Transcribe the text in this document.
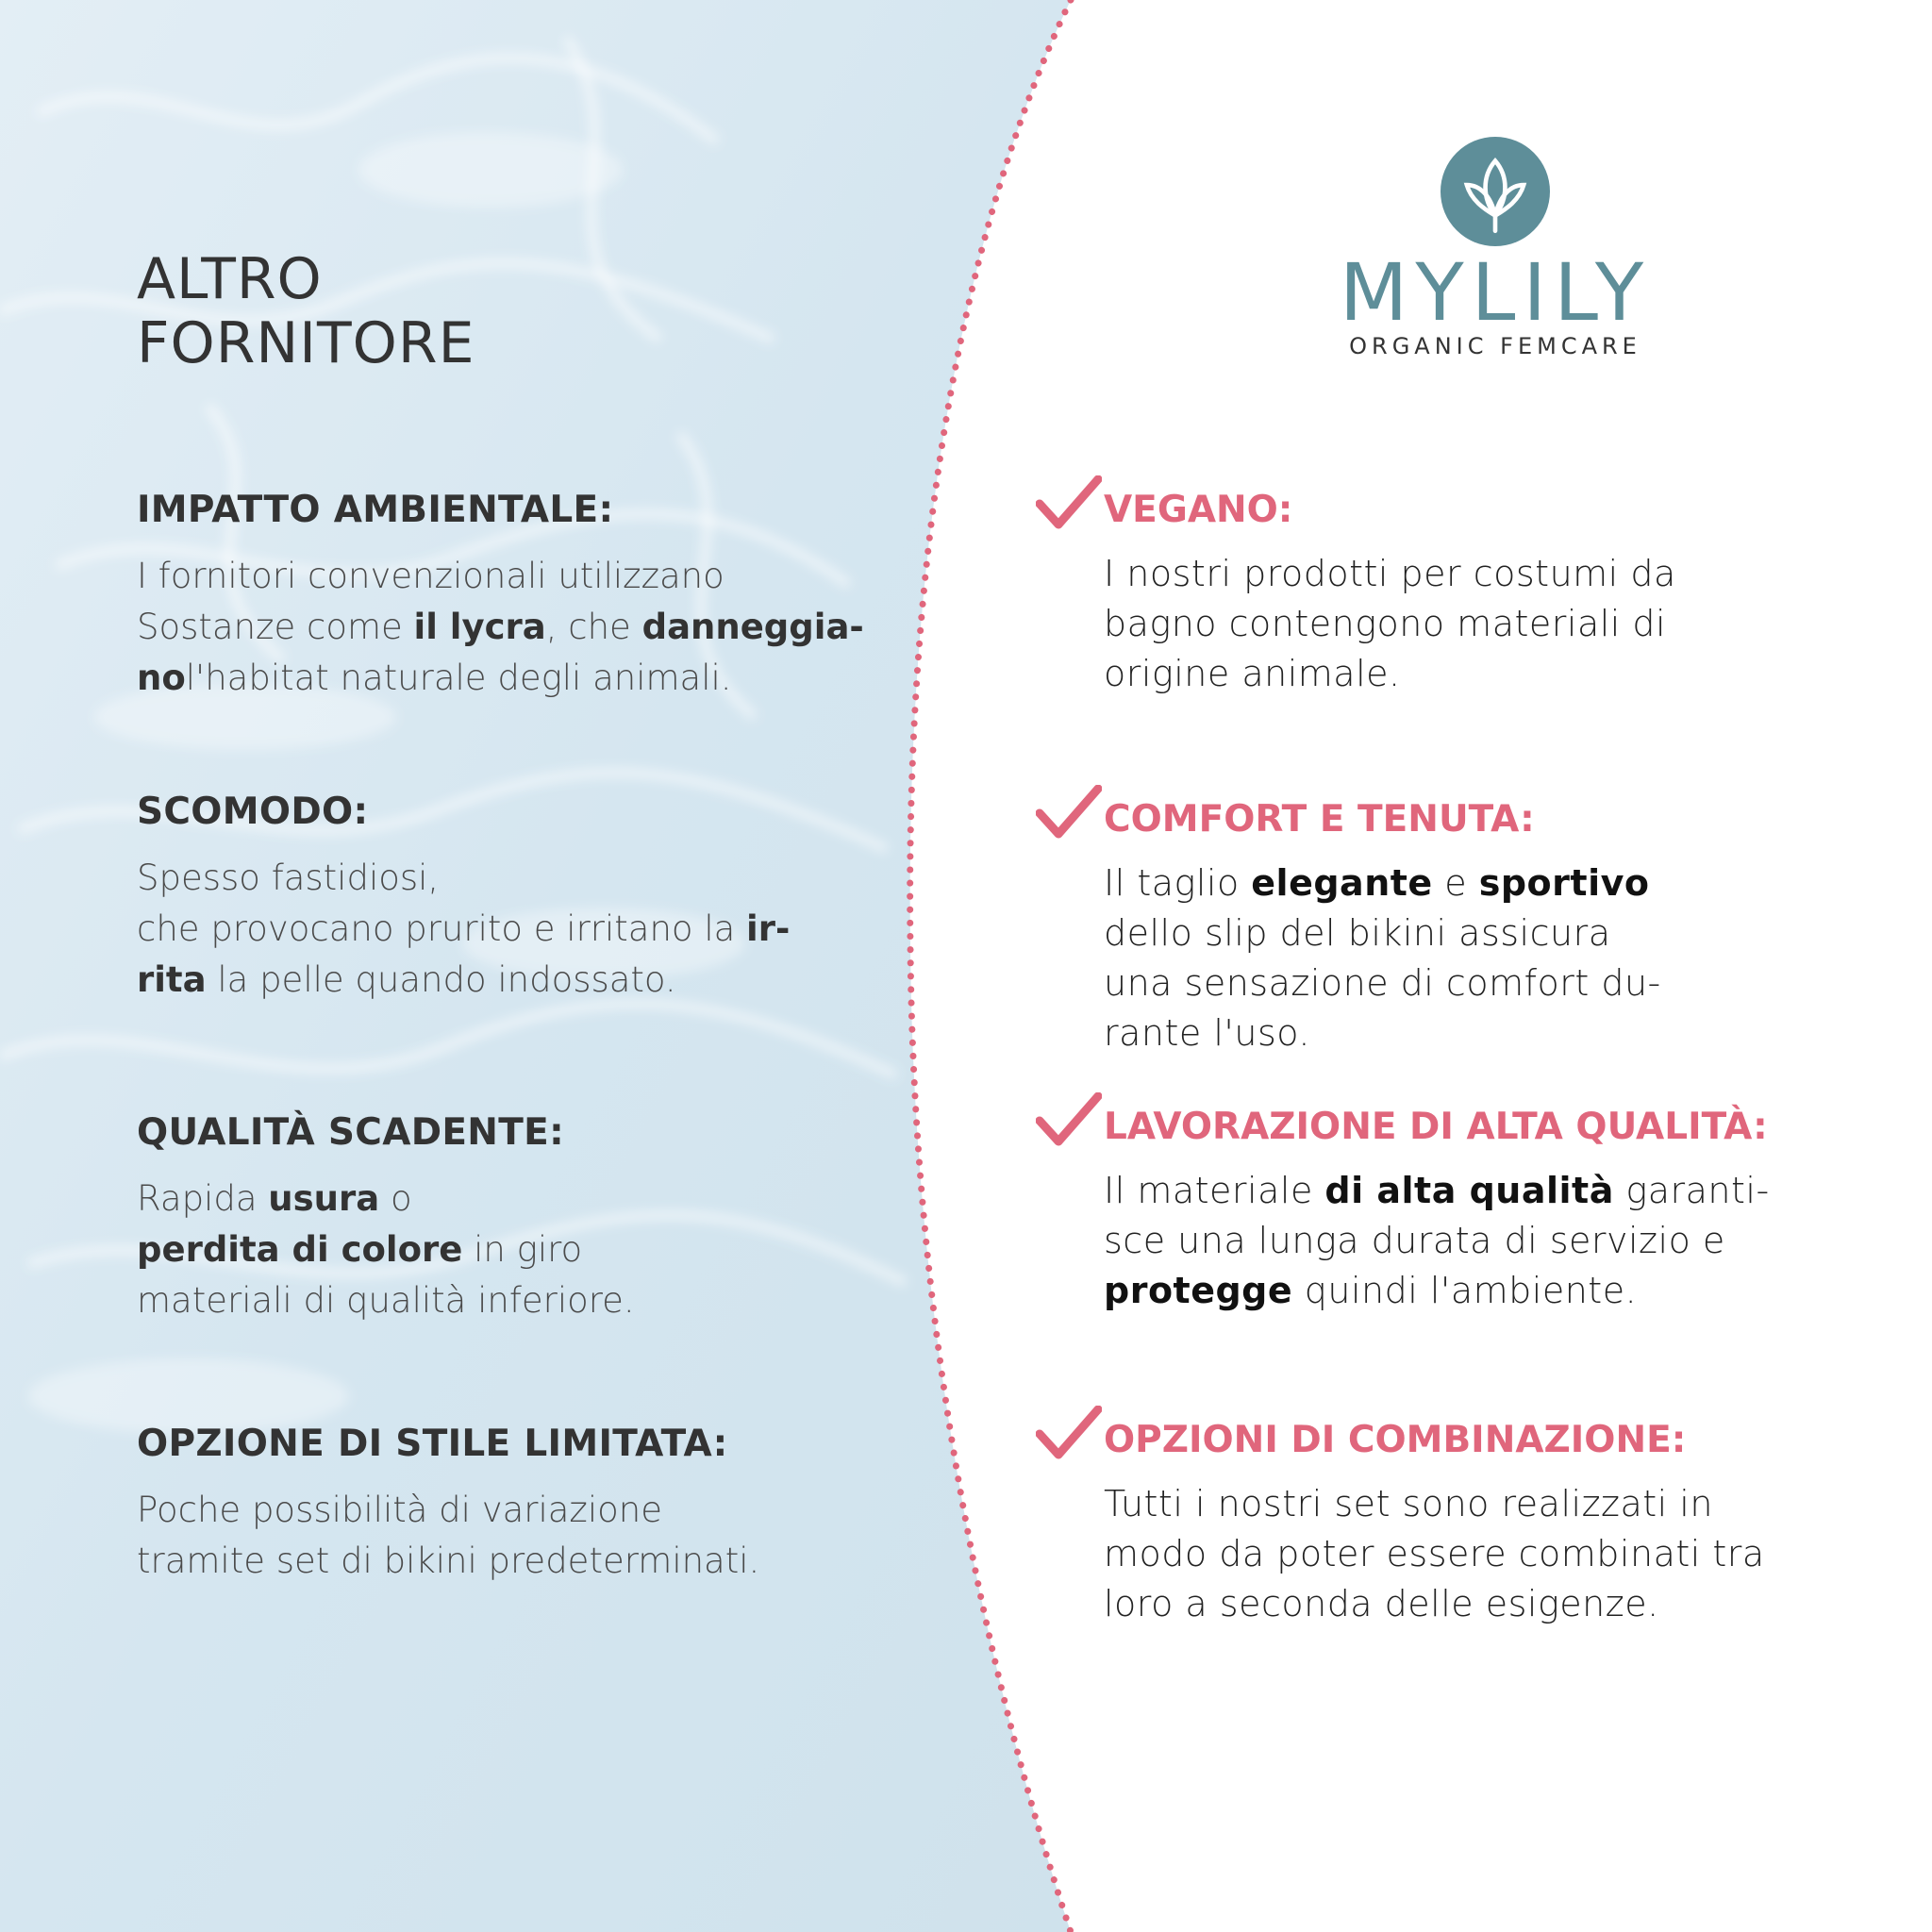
ALTRO
FORNITORE
IMPATTO AMBIENTALE:
I fornitori convenzionali utilizzano
Sostanze come il lycra, che danneggia-
nol'habitat naturale degli animali.
SCOMODO:
Spesso fastidiosi,
che provocano prurito e irritano la ir-
rita la pelle quando indossato.
QUALITÀ SCADENTE:
Rapida usura o
perdita di colore in giro
materiali di qualità inferiore.
OPZIONE DI STILE LIMITATA:
Poche possibilità di variazione
tramite set di bikini predeterminati.
MYLILY
ORGANIC FEMCARE
VEGANO:
I nostri prodotti per costumi da
bagno contengono materiali di
origine animale.
COMFORT E TENUTA:
Il taglio elegante e sportivo
dello slip del bikini assicura
una sensazione di comfort du-
rante l'uso.
LAVORAZIONE DI ALTA QUALITÀ:
Il materiale di alta qualità garanti-
sce una lunga durata di servizio e
protegge quindi l'ambiente.
OPZIONI DI COMBINAZIONE:
Tutti i nostri set sono realizzati in
modo da poter essere combinati tra
loro a seconda delle esigenze.
